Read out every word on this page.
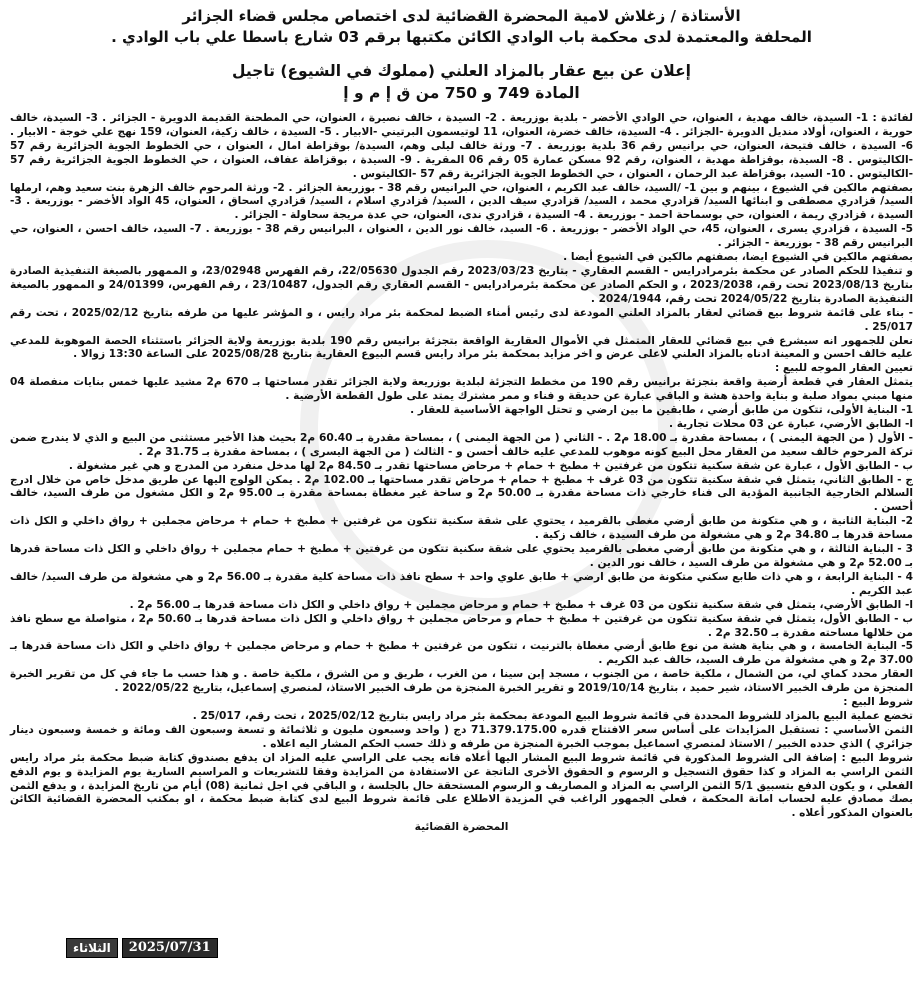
الأستاذة / زغلاش لامية المحضرة القضائية لدى اختصاص مجلس قضاء الجزائر

المحلفة والمعتمدة لدى محكمة باب الوادي الكائن مكتبها برقم 03 شارع باسطا علي باب الوادي .

إعلان عن بيع عقار بالمزاد العلني (مملوك في الشيوع) تاجيل

المادة 749 و 750 من ق إ م و إ

لفائدة : 1- السيدة، خالف مهدية ، العنوان، حي الوادي الأخضر - بلدية بوزريعة . 2- السيدة ، خالف نصيرة ، العنوان، حي المطحنة القديمة الدويرة - الجزائر . 3- السيدة، خالف حورية ، العنوان، أولاد منديل الدويرة -الجزائر . 4- السيدة، خالف خضرة، العنوان، 11 لوتيسمون البرتيني -الابيار . 5- السيدة ، خالف زكية، العنوان، 159 نهج علي خوجة - الابيار . 6- السيدة ، خالف فتيحة، العنوان، حي برانيس رقم 36 بلدية بوزريعة . 7- ورثة خالف ليلى وهم، السيدة/ بوقزاطة امال ، العنوان ، حي الخطوط الجوية الجزائرية رقم 57 -الكاليتوس . 8- السيدة، بوقزاطة مهدية ، العنوان، رقم 92 مسكن عمارة 05 رقم 06 المقرية . 9- السيدة ، بوقزاطة عفاف، العنوان ، حي الخطوط الجوية الجزائرية رقم 57 -الكاليتوس . 10- السيد، بوقزاطة عبد الرحمان ، العنوان ، حي الخطوط الجوية الجزائرية رقم 57 -الكاليتوس .

بصفتهم مالكين في الشيوع ، بينهم و بين 1- /السيد، خالف عبد الكريم ، العنوان، حي البرانيس رقم 38 - بوزريعة الجزائر . 2- ورثة المرحوم خالف الزهرة بنت سعيد وهم، ارملها السيد/ قزادري مصطفى و ابنائها السيد/ قزادري محمد ، السيد/ قزادري سيف الدين ، السيد/ قزادري اسلام ، السيد/ قزادري اسحاق ، العنوان، 45 الواد الأخضر - بوزريعة . 3- السيدة ، قزادري ريمة ، العنوان، حي بوسماحة احمد - بوزريعة . 4- السيدة ، قزادري ندى، العنوان، حي عدة مريجة سحاولة - الجزائر .

5- السيدة ، قزادري يسرى ، العنوان، 45، حي الواد الأخضر - بوزريعة . 6- السيد، خالف نور الدين ، العنوان ، البرانيس رقم 38 - بوزريعة . 7- السيد، خالف احسن ، العنوان، حي البرانيس رقم 38 - بوزريعة - الجزائر .

بصفتهم مالكين في الشيوع ايضا، بصفتهم مالكين في الشيوع أيضا .

و تنفيذا للحكم الصادر عن محكمة بئرمرادرايس - القسم العقاري - بتاريخ 2023/03/23 رقم الجدول 22/05630، رقم الفهرس 23/02948، و الممهور بالصيغة التنفيذية الصادرة بتاريخ 2023/08/13 تحت رقم، 2023/2038 ، و الحكم الصادر عن محكمة بئرمرادرايس - القسم العقاري رقم الجدول، 23/10487 ، رقم الفهرس، 24/01399 و الممهور بالصيغة التنفيذية الصادرة بتاريخ 2024/05/22 تحت رقم، 2024/1944 .

- بناء على قائمة شروط بيع قضائي لعقار بالمزاد العلني المودعة لدى رئيس أمناء الضبط لمحكمة بئر مراد رايس ، و المؤشر عليها من طرفه بتاريخ 2025/02/12 ، تحت رقم 25/017 .

نعلن للجمهور انه سيشرع في بيع قضائي للعقار المتمثل في الأموال العقارية الواقعة بتجزئة برانيس رقم 190 بلدية بوزريعة ولاية الجزائر باستثناء الحصة الموهوبة للمدعي عليه خالف احسن و المعينة ادناه بالمزاد العلني لاعلى عرض و اخر مزايد بمحكمة بئر مراد رايس قسم البيوع العقارية بتاريخ 2025/08/28 على الساعة 13:30 زوالا .

تعيين العقار الموجه للبيع :

يتمثل العقار في قطعة أرضية واقعة بتجزئة برانيس رقم 190 من مخطط التجزئة لبلدية بوزريعة ولاية الجزائر تقدر مساحتها بـ 670 م2 مشيد عليها خمس بنايات منفصلة 04 منها مبني بمواد صلبة و بناية واحدة هشة و الباقي عبارة عن حديقة و فناء و ممر مشترك يمتد على طول القطعة الأرضية .

1- البناية الأولى، تتكون من طابق أرضي ، طابقين ما بين ارضي و تحتل الواجهة الأساسية للعقار .

ا- الطابق الأرضي، عبارة عن 03 محلات تجارية .

- الأول ( من الجهة اليمنى ) ، بمساحة مقدرة بـ 18.00 م2 . - الثاني ( من الجهة اليمنى ) ، بمساحة مقدرة بـ 60.40 م2 بحيث هذا الأخير مستثنى من البيع و الذي لا يندرج ضمن تركة المرحوم خالف سعيد من العقار محل البيع كونه موهوب للمدعي عليه خالف أحسن و - الثالث ( من الجهة اليسرى ) ، بمساحة مقدرة بـ 31.75 م2 .

ب - الطابق الأول ، عبارة عن شقة سكنية تتكون من غرفتين + مطبخ + حمام + مرحاض مساحتها تقدر بـ 84.50 م2 لها مدخل منفرد من المدرج و هي غير مشغولة .

ج - الطابق الثاني، يتمثل في شقة سكنية تتكون من 03 غرف + مطبخ + حمام + مرحاض تقدر مساحتها بـ 102.00 م2 . يمكن الولوج اليها عن طريق مدخل خاص من خلال ادرج السلالم الخارجية الجانبية المؤدية الى فناء خارجي ذات مساحة مقدرة بـ 50.00 م2 و ساحة غير مغطاة بمساحة مقدرة بـ 95.00 م2 و الكل مشغول من طرف السيد، خالف أحسن .

2- البناية الثانية ، و هي متكونة من طابق أرضي مغطى بالقرميد ، يحتوي على شقة سكنية تتكون من غرفتين + مطبخ + حمام + مرحاض مجملين + رواق داخلي و الكل ذات مساحة قدرها بـ 34.80 م2 و هي مشغولة من طرف السيدة ، خالف زكية .

3 - البناية الثالثة ، و هي متكونة من طابق أرضي مغطى بالقرميد يحتوي على شقة سكنية تتكون من غرفتين + مطبخ + حمام مجملين + رواق داخلي و الكل ذات مساحة قدرها بـ 52.00 م2 و هي مشغولة من طرف السيد ، خالف نور الدين .

4 - البناية الرابعة ، و هي ذات طابع سكني متكونة من طابق ارضي + طابق علوي واحد + سطح نافذ ذات مساحة كلية مقدرة بـ 56.00 م2 و هي مشغولة من طرف السيد/ خالف عبد الكريم .

ا- الطابق الأرضي، يتمثل في شقة سكنية تتكون من 03 غرف + مطبخ + حمام و مرحاض مجملين + رواق داخلي و الكل ذات مساحة قدرها بـ 56.00 م2 .

ب - الطابق الأول، يتمثل في شقة سكنية تتكون من غرفتين + مطبخ + حمام و مرحاض مجملين + رواق داخلي و الكل ذات مساحة قدرها بـ 50.60 م2 ، متواصلة مع سطح نافذ من خلالها مساحته مقدرة بـ 32.50 م2 .

5- البناية الخامسة ، و هي بناية هشة من نوع طابق أرضي مغطاة بالترنيت ، تتكون من غرفتين + مطبخ + حمام و مرحاض مجملين + رواق داخلي و الكل ذات مساحة قدرها بـ 37.00 م2 و هي مشغولة من طرف السيد، خالف عبد الكريم .

العقار محدد كماي لي، من الشمال ، ملكية خاصة ، من الجنوب ، مسجد إبن سينا ، من الغرب ، طريق و من الشرق ، ملكية خاصة . و هذا حسب ما جاء في كل من تقرير الخبرة المنجزة من طرف الخبير الاستاذ، شير حميد ، بتاريخ 2019/10/14 و تقرير الخبرة المنجزة من طرف الخبير الاستاذ، لمنصري إسماعيل، بتاريخ 2022/05/22 .

شروط البيع :

تخضع عملية البيع بالمزاد للشروط المحددة في قائمة شروط البيع المودعة بمحكمة بئر مراد رايس بتاريخ 2025/02/12 ، تحت رقم، 25/017 .

الثمن الأساسي : تستقبل المزايدات على أساس سعر الافتتاح قدره 71.379.175.00 دج ( واحد وسبعون مليون و ثلاثمائة و تسعة وسبعون الف ومائة و خمسة وسبعون دينار جزائري ) الذي حدده الخبير / الاستاذ لمنصري اسماعيل بموجب الخبرة المنجزة من طرفه و ذلك حسب الحكم المشار اليه اعلاه .

شروط البيع : إضافة الى الشروط المذكورة في قائمة شروط البيع المشار اليها أعلاه فانه يجب على الراسي عليه المزاد ان يدفع بصندوق كتابة ضبط محكمة بئر مراد رايس الثمن الراسي به المزاد و كذا حقوق التسجيل و الرسوم و الحقوق الأخرى الناتجة عن الاستفادة من المزايدة وفقا للتشريعات و المراسيم السارية يوم المزايدة و يوم الدفع الفعلي ، و يكون الدفع بتسبيق 5/1 الثمن الراسي به المزاد و المصاريف و الرسوم المستحقة حال بالجلسة ، و الباقي في اجل ثمانية (08) أيام من تاريخ المزايدة ، و يدفع الثمن بصك مصادق عليه لحساب امانة المحكمة ، فعلى الجمهور الراغب في المزيدة الاطلاع على قائمة شروط البيع لدى كتابة ضبط محكمة ، او بمكتب المحضرة القضائية الكائن بالعنوان المذكور أعلاه .

المحضرة القضائية

2025/07/31
الثلاثاء
